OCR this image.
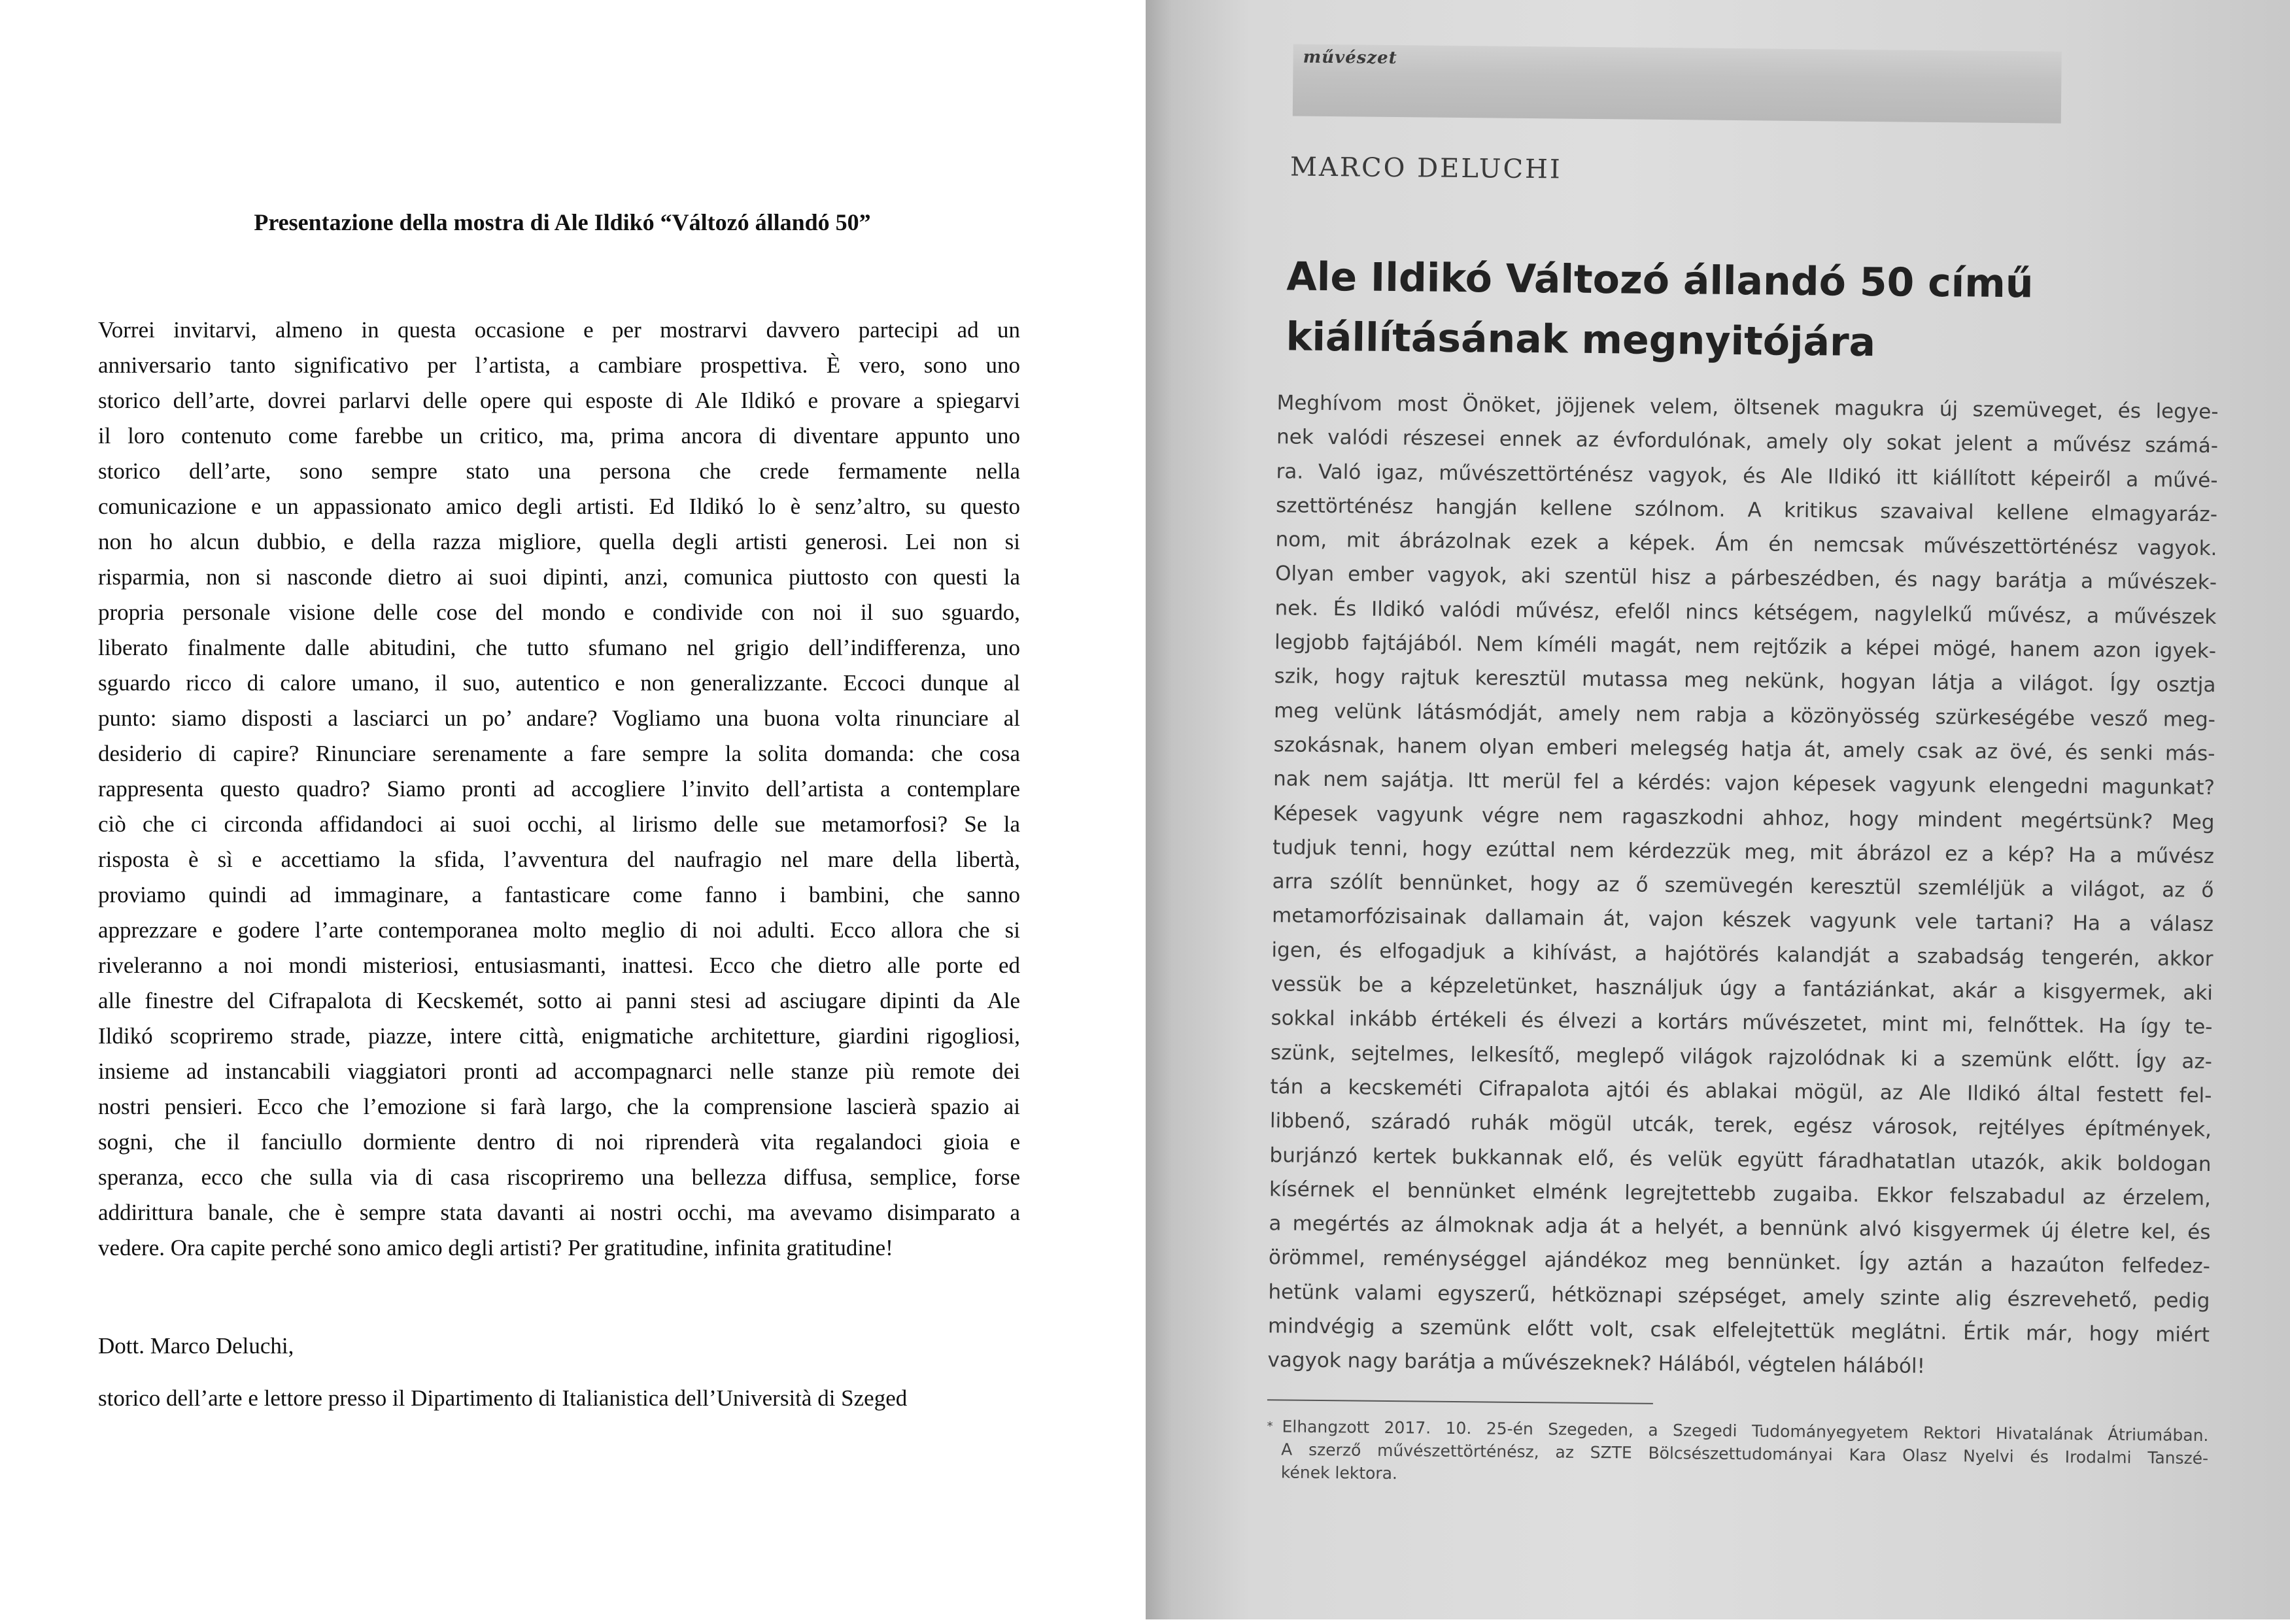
Presentazione della mostra di Ale Ildikó “Változó állandó 50”
Vorrei invitarvi, almeno in questa occasione e per mostrarvi davvero partecipi ad un
anniversario tanto significativo per l’artista, a cambiare prospettiva. È vero, sono uno
storico dell’arte, dovrei parlarvi delle opere qui esposte di Ale Ildikó e provare a spiegarvi
il loro contenuto come farebbe un critico, ma, prima ancora di diventare appunto uno
storico dell’arte, sono sempre stato una persona che crede fermamente nella
comunicazione e un appassionato amico degli artisti. Ed Ildikó lo è senz’altro, su questo
non ho alcun dubbio, e della razza migliore, quella degli artisti generosi. Lei non si
risparmia, non si nasconde dietro ai suoi dipinti, anzi, comunica piuttosto con questi la
propria personale visione delle cose del mondo e condivide con noi il suo sguardo,
liberato finalmente dalle abitudini, che tutto sfumano nel grigio dell’indifferenza, uno
sguardo ricco di calore umano, il suo, autentico e non generalizzante. Eccoci dunque al
punto: siamo disposti a lasciarci un po’ andare? Vogliamo una buona volta rinunciare al
desiderio di capire? Rinunciare serenamente a fare sempre la solita domanda: che cosa
rappresenta questo quadro? Siamo pronti ad accogliere l’invito dell’artista a contemplare
ciò che ci circonda affidandoci ai suoi occhi, al lirismo delle sue metamorfosi? Se la
risposta è sì e accettiamo la sfida, l’avventura del naufragio nel mare della libertà,
proviamo quindi ad immaginare, a fantasticare come fanno i bambini, che sanno
apprezzare e godere l’arte contemporanea molto meglio di noi adulti. Ecco allora che si
riveleranno a noi mondi misteriosi, entusiasmanti, inattesi. Ecco che dietro alle porte ed
alle finestre del Cifrapalota di Kecskemét, sotto ai panni stesi ad asciugare dipinti da Ale
Ildikó scopriremo strade, piazze, intere città, enigmatiche architetture, giardini rigogliosi,
insieme ad instancabili viaggiatori pronti ad accompagnarci nelle stanze più remote dei
nostri pensieri. Ecco che l’emozione si farà largo, che la comprensione lascierà spazio ai
sogni, che il fanciullo dormiente dentro di noi riprenderà vita regalandoci gioia e
speranza, ecco che sulla via di casa riscopriremo una bellezza diffusa, semplice, forse
addirittura banale, che è sempre stata davanti ai nostri occhi, ma avevamo disimparato a
vedere. Ora capite perché sono amico degli artisti? Per gratitudine, infinita gratitudine!
Dott. Marco Deluchi,
storico dell’arte e lettore presso il Dipartimento di Italianistica dell’Università di Szeged
művészet
MARCO DELUCHI
Ale Ildikó Változó állandó 50 című
kiállításának megnyitójára
Meghívom most Önöket, jöjjenek velem, öltsenek magukra új szemüveget, és legye-
nek valódi részesei ennek az évfordulónak, amely oly sokat jelent a művész számá-
ra. Való igaz, művészettörténész vagyok, és Ale Ildikó itt kiállított képeiről a művé-
szettörténész hangján kellene szólnom. A kritikus szavaival kellene elmagyaráz-
nom, mit ábrázolnak ezek a képek. Ám én nemcsak művészettörténész vagyok.
Olyan ember vagyok, aki szentül hisz a párbeszédben, és nagy barátja a művészek-
nek. És Ildikó valódi művész, efelől nincs kétségem, nagylelkű művész, a művészek
legjobb fajtájából. Nem kíméli magát, nem rejtőzik a képei mögé, hanem azon igyek-
szik, hogy rajtuk keresztül mutassa meg nekünk, hogyan látja a világot. Így osztja
meg velünk látásmódját, amely nem rabja a közönyösség szürkeségébe vesző meg-
szokásnak, hanem olyan emberi melegség hatja át, amely csak az övé, és senki más-
nak nem sajátja. Itt merül fel a kérdés: vajon képesek vagyunk elengedni magunkat?
Képesek vagyunk végre nem ragaszkodni ahhoz, hogy mindent megértsünk? Meg
tudjuk tenni, hogy ezúttal nem kérdezzük meg, mit ábrázol ez a kép? Ha a művész
arra szólít bennünket, hogy az ő szemüvegén keresztül szemléljük a világot, az ő
metamorfózisainak dallamain át, vajon készek vagyunk vele tartani? Ha a válasz
igen, és elfogadjuk a kihívást, a hajótörés kalandját a szabadság tengerén, akkor
vessük be a képzeletünket, használjuk úgy a fantáziánkat, akár a kisgyermek, aki
sokkal inkább értékeli és élvezi a kortárs művészetet, mint mi, felnőttek. Ha így te-
szünk, sejtelmes, lelkesítő, meglepő világok rajzolódnak ki a szemünk előtt. Így az-
tán a kecskeméti Cifrapalota ajtói és ablakai mögül, az Ale Ildikó által festett fel-
libbenő, száradó ruhák mögül utcák, terek, egész városok, rejtélyes építmények,
burjánzó kertek bukkannak elő, és velük együtt fáradhatatlan utazók, akik boldogan
kísérnek el bennünket elménk legrejtettebb zugaiba. Ekkor felszabadul az érzelem,
a megértés az álmoknak adja át a helyét, a bennünk alvó kisgyermek új életre kel, és
örömmel, reménységgel ajándékoz meg bennünket. Így aztán a hazaúton felfedez-
hetünk valami egyszerű, hétköznapi szépséget, amely szinte alig észrevehető, pedig
mindvégig a szemünk előtt volt, csak elfelejtettük meglátni. Értik már, hogy miért
vagyok nagy barátja a művészeknek? Hálából, végtelen hálából!
* Elhangzott 2017. 10. 25-én Szegeden, a Szegedi Tudományegyetem Rektori Hivatalának Átriumában.
A szerző művészettörténész, az SZTE Bölcsészettudományai Kara Olasz Nyelvi és Irodalmi Tanszé-
kének lektora.
